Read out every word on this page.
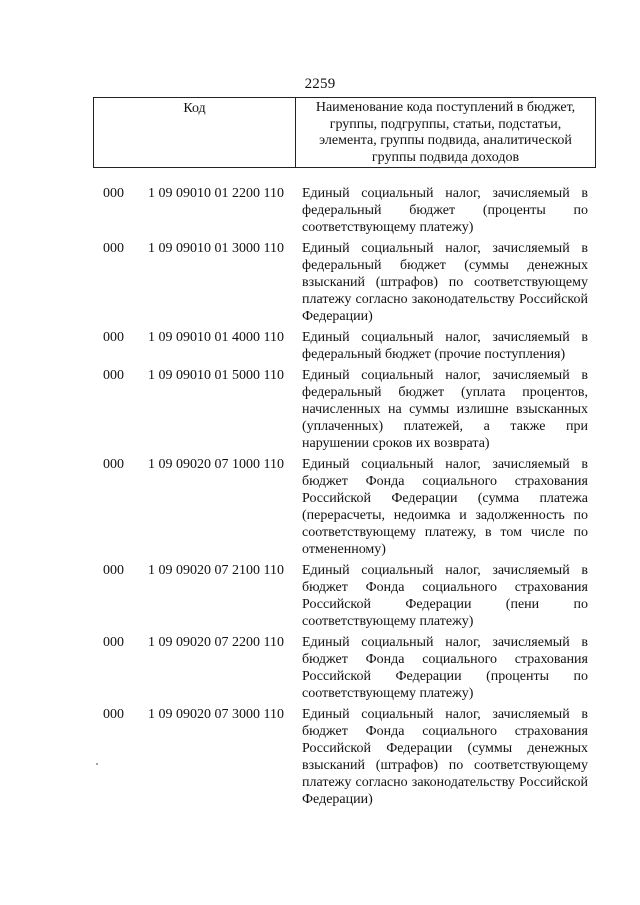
2259
Код	Наименование кода поступлений в бюджет, группы, подгруппы, статьи, подстатьи, элемента, группы подвида, аналитической группы подвида доходов
000 1 09 09010 01 2200 110 Единый социальный налог, зачисляемый в федеральный бюджет (проценты по соответствующему платежу)
000 1 09 09010 01 3000 110 Единый социальный налог, зачисляемый в федеральный бюджет (суммы денежных взысканий (штрафов) по соответствующему платежу согласно законодательству Российской Федерации)
000 1 09 09010 01 4000 110 Единый социальный налог, зачисляемый в федеральный бюджет (прочие поступления)
000 1 09 09010 01 5000 110 Единый социальный налог, зачисляемый в федеральный бюджет (уплата процентов, начисленных на суммы излишне взысканных (уплаченных) платежей, а также при нарушении сроков их возврата)
000 1 09 09020 07 1000 110 Единый социальный налог, зачисляемый в бюджет Фонда социального страхования Российской Федерации (сумма платежа (перерасчеты, недоимка и задолженность по соответствующему платежу, в том числе по отмененному)
000 1 09 09020 07 2100 110 Единый социальный налог, зачисляемый в бюджет Фонда социального страхования Российской Федерации (пени по соответствующему платежу)
000 1 09 09020 07 2200 110 Единый социальный налог, зачисляемый в бюджет Фонда социального страхования Российской Федерации (проценты по соответствующему платежу)
000 1 09 09020 07 3000 110 Единый социальный налог, зачисляемый в бюджет Фонда социального страхования Российской Федерации (суммы денежных взысканий (штрафов) по соответствующему платежу согласно законодательству Российской Федерации)
